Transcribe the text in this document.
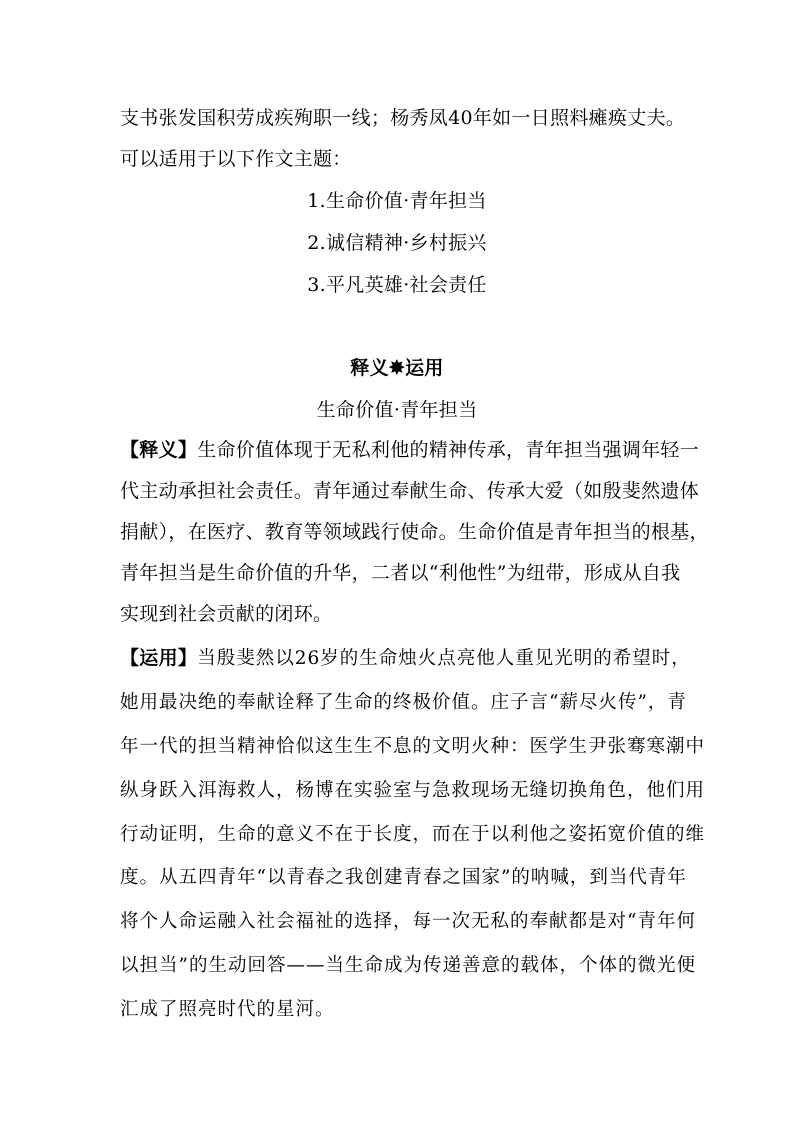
支书张发国积劳成疾殉职一线；杨秀凤40年如一日照料瘫痪丈夫。
可以适用于以下作文主题：
1.生命价值·青年担当
2.诚信精神·乡村振兴
3.平凡英雄·社会责任
释义✸运用
生命价值·青年担当
【释义】生命价值体现于无私利他的精神传承，青年担当强调年轻一
代主动承担社会责任。青年通过奉献生命、传承大爱（如殷斐然遗体
捐献），在医疗、教育等领域践行使命。生命价值是青年担当的根基，
青年担当是生命价值的升华，二者以“利他性”为纽带，形成从自我
实现到社会贡献的闭环。
【运用】当殷斐然以26岁的生命烛火点亮他人重见光明的希望时，
她用最决绝的奉献诠释了生命的终极价值。庄子言“薪尽火传”，青
年一代的担当精神恰似这生生不息的文明火种：医学生尹张骞寒潮中
纵身跃入洱海救人，杨博在实验室与急救现场无缝切换角色，他们用
行动证明，生命的意义不在于长度，而在于以利他之姿拓宽价值的维
度。从五四青年“以青春之我创建青春之国家”的呐喊，到当代青年
将个人命运融入社会福祉的选择，每一次无私的奉献都是对“青年何
以担当”的生动回答——当生命成为传递善意的载体，个体的微光便
汇成了照亮时代的星河。
